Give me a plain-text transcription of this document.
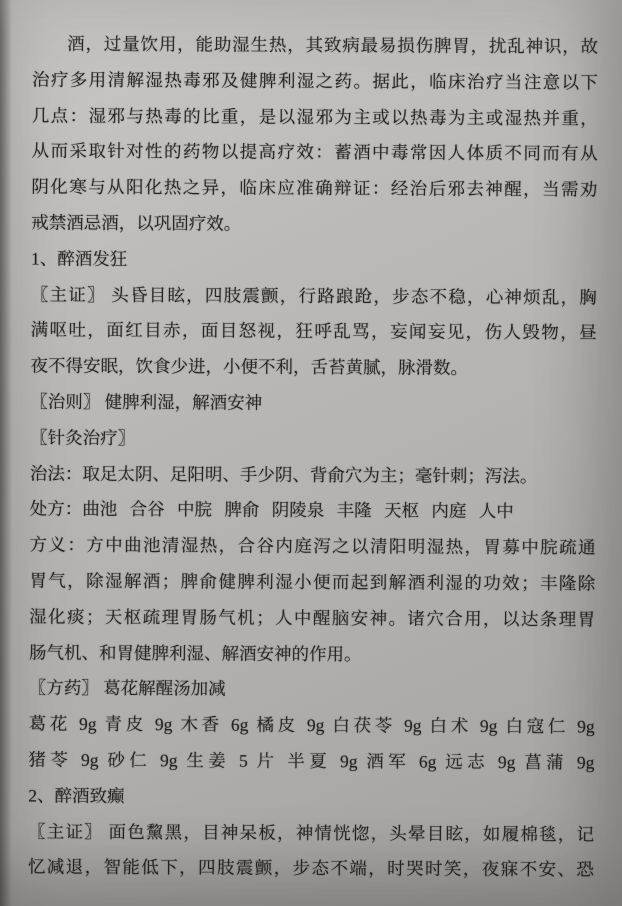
酒，过量饮用，能助湿生热，其致病最易损伤脾胃，扰乱神识，故
治疗多用清解湿热毒邪及健脾利湿之药。据此，临床治疗当注意以下
几点：湿邪与热毒的比重，是以湿邪为主或以热毒为主或湿热并重，
从而采取针对性的药物以提高疗效：蓄酒中毒常因人体质不同而有从
阴化寒与从阳化热之异，临床应准确辩证：经治后邪去神醒，当需劝
戒禁酒忌酒，以巩固疗效。
1、醉酒发狂
〖主证〗 头昏目眩，四肢震颤，行路踉跄，步态不稳，心神烦乱，胸
满呕吐，面红目赤，面目怒视，狂呼乱骂，妄闻妄见，伤人毁物，昼
夜不得安眠，饮食少进，小便不利，舌苔黄腻，脉滑数。
〖治则〗 健脾利湿，解酒安神
〖针灸治疗〗
治法：取足太阴、足阳明、手少阴、背俞穴为主；毫针刺；泻法。
处方：曲池 合谷 中脘 脾俞 阴陵泉 丰隆 天枢 内庭 人中
方义：方中曲池清湿热，合谷内庭泻之以清阳明湿热，胃募中脘疏通
胃气，除湿解酒；脾俞健脾利湿小便而起到解酒利湿的功效；丰隆除
湿化痰；天枢疏理胃肠气机；人中醒脑安神。诸穴合用，以达条理胃
肠气机、和胃健脾利湿、解酒安神的作用。
〖方药〗 葛花解醒汤加减
葛花 9g 青皮 9g 木香 6g 橘皮 9g 白茯苓 9g 白术 9g 白寇仁 9g
猪苓 9g 砂仁 9g 生姜 5 片 半夏 9g 酒军 6g 远志 9g 菖蒲 9g
2、醉酒致癫
〖主证〗 面色黧黑，目神呆板，神情恍惚，头晕目眩，如履棉毯，记
忆减退，智能低下，四肢震颤，步态不端，时哭时笑，夜寐不安、恐
